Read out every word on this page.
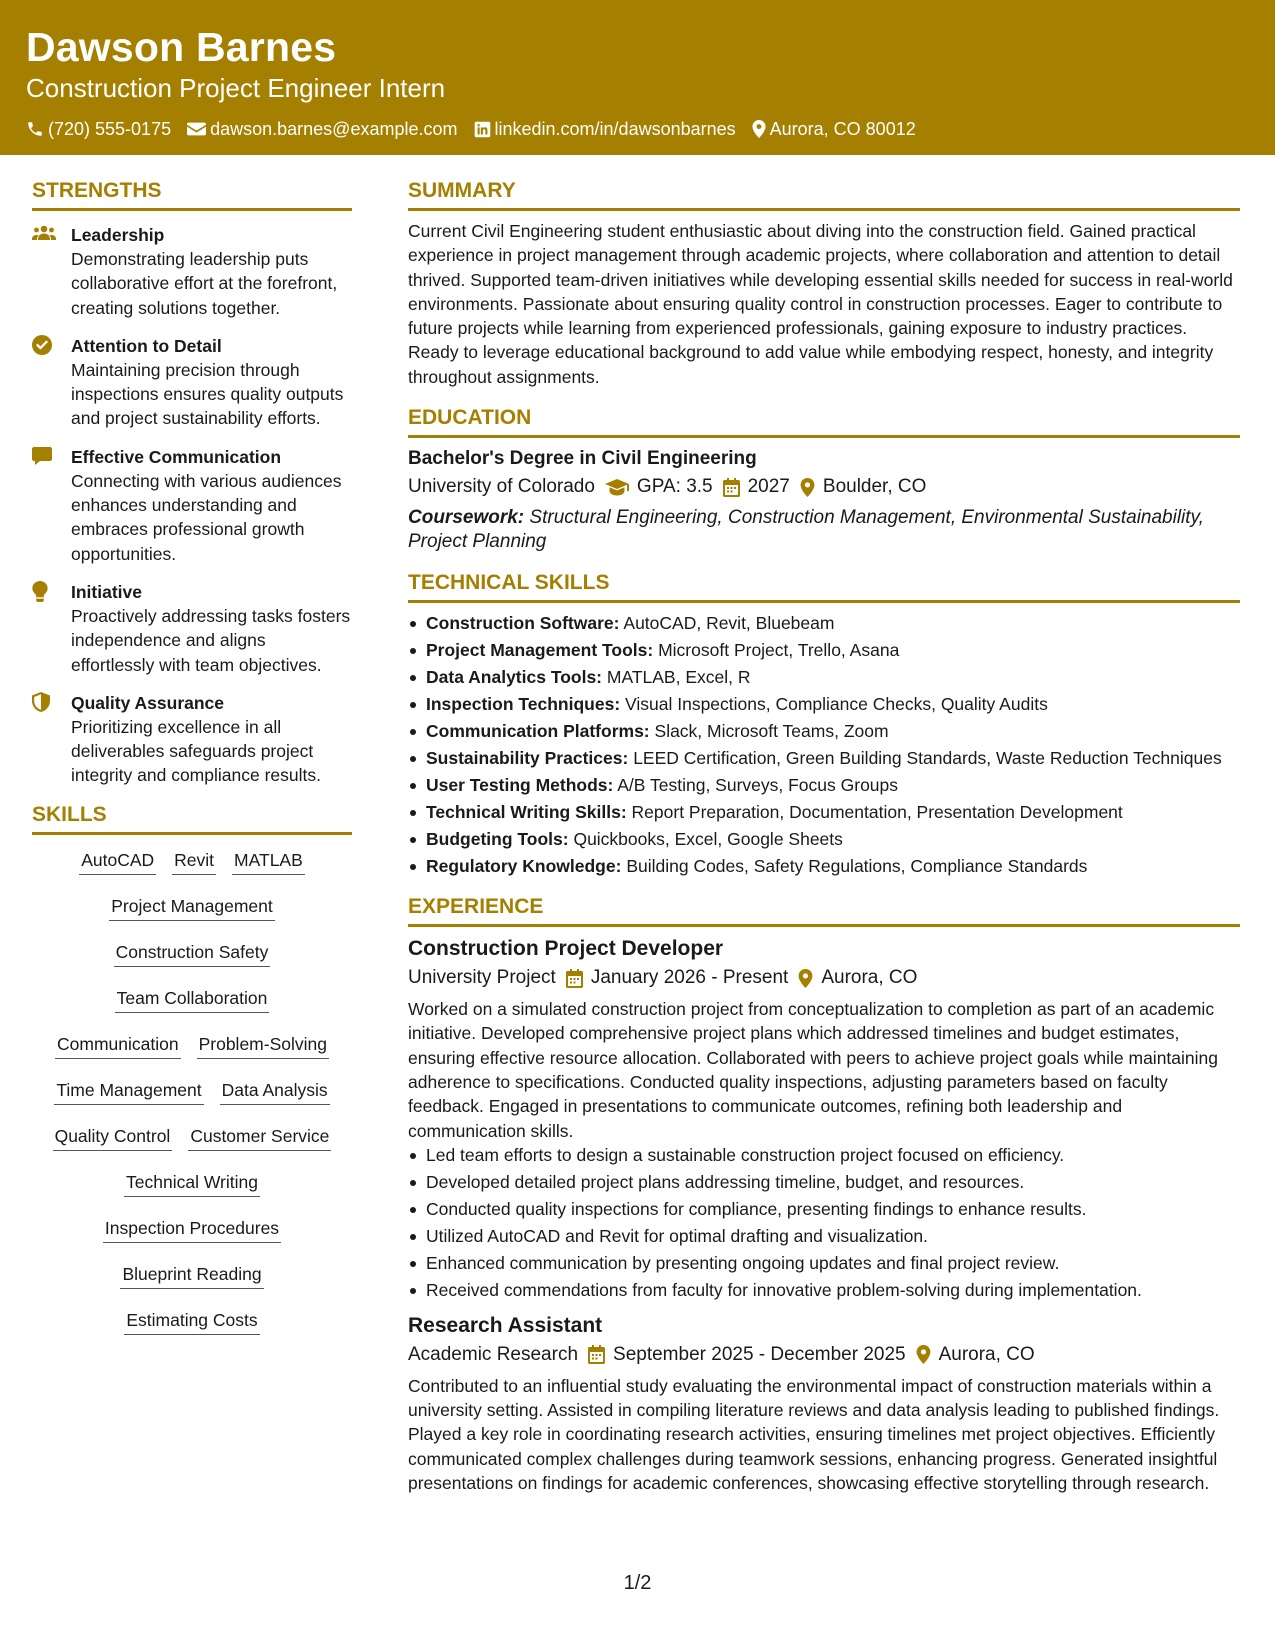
Dawson Barnes
Construction Project Engineer Intern
(720) 555-0175 dawson.barnes@example.com linkedin.com/in/dawsonbarnes Aurora, CO 80012
STRENGTHS
Leadership
Demonstrating leadership puts collaborative effort at the forefront, creating solutions together.
Attention to Detail
Maintaining precision through inspections ensures quality outputs and project sustainability efforts.
Effective Communication
Connecting with various audiences enhances understanding and embraces professional growth opportunities.
Initiative
Proactively addressing tasks fosters independence and aligns effortlessly with team objectives.
Quality Assurance
Prioritizing excellence in all deliverables safeguards project integrity and compliance results.
SKILLS
AutoCAD Revit MATLAB
Project Management
Construction Safety
Team Collaboration
Communication Problem-Solving
Time Management Data Analysis
Quality Control Customer Service
Technical Writing
Inspection Procedures
Blueprint Reading
Estimating Costs
SUMMARY
Current Civil Engineering student enthusiastic about diving into the construction field. Gained practical experience in project management through academic projects, where collaboration and attention to detail thrived. Supported team-driven initiatives while developing essential skills needed for success in real-world environments. Passionate about ensuring quality control in construction processes. Eager to contribute to future projects while learning from experienced professionals, gaining exposure to industry practices. Ready to leverage educational background to add value while embodying respect, honesty, and integrity throughout assignments.
EDUCATION
Bachelor's Degree in Civil Engineering
University of Colorado GPA: 3.5 2027 Boulder, CO
Coursework: Structural Engineering, Construction Management, Environmental Sustainability, Project Planning
TECHNICAL SKILLS
Construction Software: AutoCAD, Revit, Bluebeam
Project Management Tools: Microsoft Project, Trello, Asana
Data Analytics Tools: MATLAB, Excel, R
Inspection Techniques: Visual Inspections, Compliance Checks, Quality Audits
Communication Platforms: Slack, Microsoft Teams, Zoom
Sustainability Practices: LEED Certification, Green Building Standards, Waste Reduction Techniques
User Testing Methods: A/B Testing, Surveys, Focus Groups
Technical Writing Skills: Report Preparation, Documentation, Presentation Development
Budgeting Tools: Quickbooks, Excel, Google Sheets
Regulatory Knowledge: Building Codes, Safety Regulations, Compliance Standards
EXPERIENCE
Construction Project Developer
University Project January 2026 - Present Aurora, CO
Worked on a simulated construction project from conceptualization to completion as part of an academic initiative. Developed comprehensive project plans which addressed timelines and budget estimates, ensuring effective resource allocation. Collaborated with peers to achieve project goals while maintaining adherence to specifications. Conducted quality inspections, adjusting parameters based on faculty feedback. Engaged in presentations to communicate outcomes, refining both leadership and communication skills.
Led team efforts to design a sustainable construction project focused on efficiency.
Developed detailed project plans addressing timeline, budget, and resources.
Conducted quality inspections for compliance, presenting findings to enhance results.
Utilized AutoCAD and Revit for optimal drafting and visualization.
Enhanced communication by presenting ongoing updates and final project review.
Received commendations from faculty for innovative problem-solving during implementation.
Research Assistant
Academic Research September 2025 - December 2025 Aurora, CO
Contributed to an influential study evaluating the environmental impact of construction materials within a university setting. Assisted in compiling literature reviews and data analysis leading to published findings. Played a key role in coordinating research activities, ensuring timelines met project objectives. Efficiently communicated complex challenges during teamwork sessions, enhancing progress. Generated insightful presentations on findings for academic conferences, showcasing effective storytelling through research.
1/2
